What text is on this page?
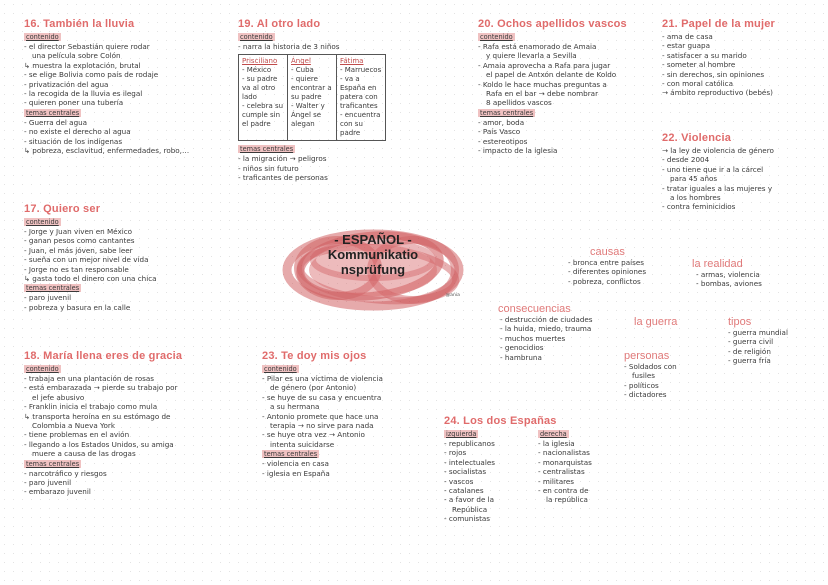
16. También la lluvia
contenido
- el director Sebastián quiere rodar
una película sobre Colón
↳ muestra la explotación, brutal
- se elige Bolivia como país de rodaje
- privatización del agua
- la recogida de la lluvia es ilegal
- quieren poner una tubería
temas centrales
- Guerra del agua
- no existe el derecho al agua
- situación de los indígenas
↳ pobreza, esclavitud, enfermedades, robo,…
17. Quiero ser
contenido
- Jorge y Juan viven en México
- ganan pesos como cantantes
- Juan, el más jóven, sabe leer
- sueña con un mejor nivel de vida
- Jorge no es tan responsable
↳ gasta todo el dinero con una chica
temas centrales
- paro juvenil
- pobreza y basura en la calle
18. María llena eres de gracia
contenido
- trabaja en una plantación de rosas
- está embarazada → pierde su trabajo por
el jefe abusivo
- Franklin inicia el trabajo como mula
↳ transporta heroína en su estómago de
Colombia a Nueva York
- tiene problemas en el avión
- llegando a los Estados Unidos, su amiga
muere a causa de las drogas
temas centrales
- narcotráfico y riesgos
- paro juvenil
- embarazo juvenil
19. Al otro lado
contenido
- narra la historia de 3 niños
Prisciliano
- México
- su padre va al otro lado
- celebra su cumple sin el padre

Ángel
- Cuba
- quiere encontrar a su padre
- Walter y Ángel se alegan

Fátima
- Marruecos
- va a España en patera con traficantes
- encuentra con su padre
temas centrales
- la migración → peligros
- niños sin futuro
- traficantes de personas
20. Ochos apellidos vascos
contenido
- Rafa está enamorado de Amaia
y quiere llevarla a Sevilla
- Amaia aprovecha a Rafa para jugar
el papel de Antxón delante de Koldo
- Koldo le hace muchas preguntas a
Rafa en el bar → debe nombrar
8 apellidos vascos
temas centrales
- amor, boda
- País Vasco
- estereotipos
- impacto de la iglesia
21. Papel de la mujer
- ama de casa
- estar guapa
- satisfacer a su marido
- someter al hombre
- sin derechos, sin opiniones
- con moral católica
→ ámbito reproductivo (bebés)
22. Violencia
→ la ley de violencia de género
- desde 2004
- uno tiene que ir a la cárcel
para 45 años
- tratar iguales a las mujeres y
a los hombres
- contra feminicidios
23. Te doy mis ojos
contenido
- Pilar es una víctima de violencia
de género (por Antonio)
- se huye de su casa y encuentra
a su hermana
- Antonio promete que hace una
terapia → no sirve para nada
- se huye otra vez → Antonio
intenta suicidarse
temas centrales
- violencia en casa
- iglesia en España
24. Los dos Españas
izquierda
- republicanos
- rojos
- intelectuales
- socialistas
- vascos
- catalanes
- a favor de la
República
- comunistas
derecha
- la iglesia
- nacionalistas
- monarquistas
- centralistas
- militares
- en contra de
la república
- ESPAÑOL -
Kommunikatio
nsprüfung
@ania
causas
- bronca entre países
- diferentes opiniones
- pobreza, conflictos
la realidad
- armas, violencia
- bombas, aviones
consecuencias
- destrucción de ciudades
- la huida, miedo, trauma
- muchos muertes
- genocidios
- hambruna
la guerra	tipos
- guerra mundial
- guerra civil
- de religión
- guerra fría
personas
- Soldados con
fusiles
- políticos
- dictadores
